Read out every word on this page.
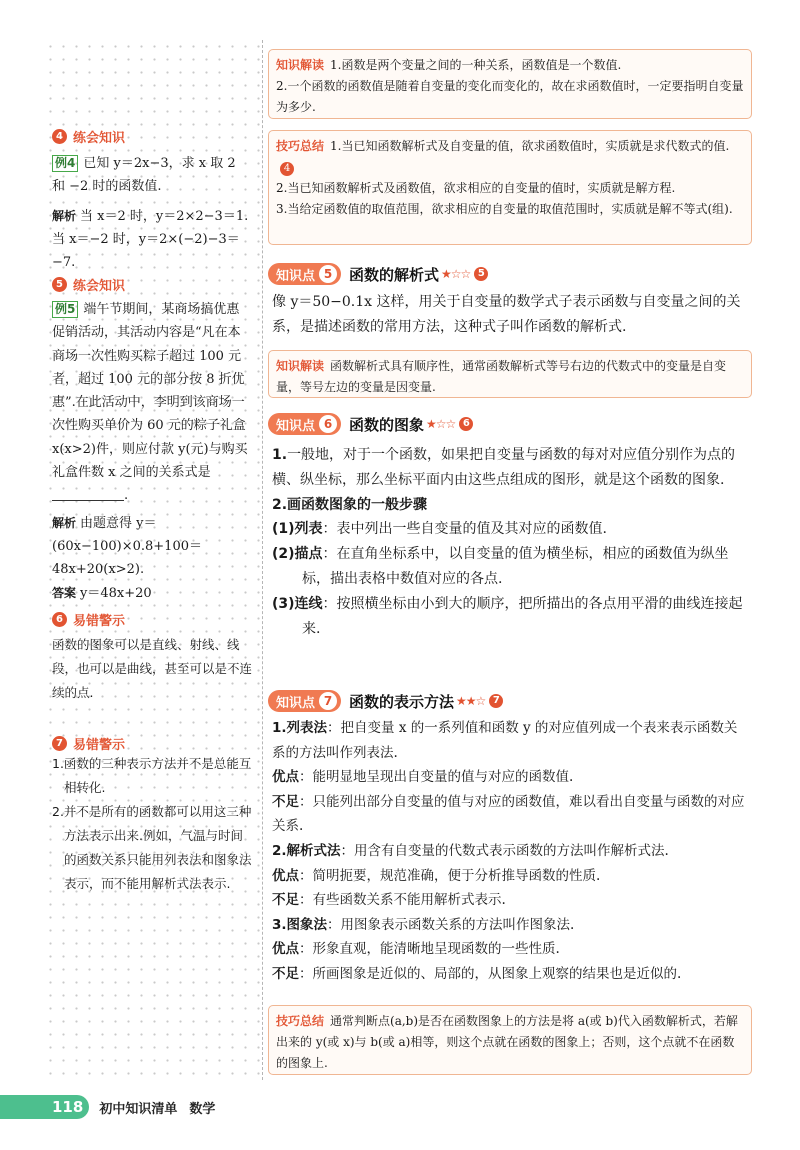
4 练会知识

例4 已知 y＝2x−3，求 x 取 2 和 −2 时的函数值.

解析 当 x＝2 时，y＝2×2−3＝1.

当 x＝−2 时，y＝2×(−2)−3＝−7.

5 练会知识

例5 端午节期间，某商场搞优惠促销活动，其活动内容是“凡在本商场一次性购买粽子超过 100 元者，超过 100 元的部分按 8 折优惠”.在此活动中，李明到该商场一次性购买单价为 60 元的粽子礼盒 x(x>2)件，则应付款 y(元)与购买礼盒件数 x 之间的关系式是.

解析 由题意得 y＝(60x−100)×0.8+100＝48x+20(x>2).

答案 y＝48x+20

6 易错警示

函数的图象可以是直线、射线、线段，也可以是曲线，甚至可以是不连续的点.

7 易错警示

1.函数的三种表示方法并不是总能互相转化.

2.并不是所有的函数都可以用这三种方法表示出来.例如，气温与时间的函数关系只能用列表法和图象法表示，而不能用解析式法表示.

知识解读 1.函数是两个变量之间的一种关系，函数值是一个数值.

2.一个函数的函数值是随着自变量的变化而变化的，故在求函数值时，一定要指明自变量为多少.

技巧总结 1.当已知函数解析式及自变量的值，欲求函数值时，实质就是求代数式的值.4

2.当已知函数解析式及函数值，欲求相应的自变量的值时，实质就是解方程.

3.当给定函数值的取值范围，欲求相应的自变量的取值范围时，实质就是解不等式(组).

知识点 5	函数的解析式 ★☆☆ 5

像 y＝50−0.1x 这样，用关于自变量的数学式子表示函数与自变量之间的关系，是描述函数的常用方法，这种式子叫作函数的解析式.

知识解读 函数解析式具有顺序性，通常函数解析式等号右边的代数式中的变量是自变量，等号左边的变量是因变量.

知识点 6	函数的图象 ★☆☆ 6

1.一般地，对于一个函数，如果把自变量与函数的每对对应值分别作为点的横、纵坐标，那么坐标平面内由这些点组成的图形，就是这个函数的图象.

2.画函数图象的一般步骤

(1)列表：表中列出一些自变量的值及其对应的函数值.

(2)描点：在直角坐标系中，以自变量的值为横坐标，相应的函数值为纵坐标，描出表格中数值对应的各点.

(3)连线：按照横坐标由小到大的顺序，把所描出的各点用平滑的曲线连接起来.

知识点 7	函数的表示方法 ★★☆ 7

1.列表法：把自变量 x 的一系列值和函数 y 的对应值列成一个表来表示函数关系的方法叫作列表法.

优点：能明显地呈现出自变量的值与对应的函数值.

不足：只能列出部分自变量的值与对应的函数值，难以看出自变量与函数的对应关系.

2.解析式法：用含有自变量的代数式表示函数的方法叫作解析式法.

优点：简明扼要，规范准确，便于分析推导函数的性质.

不足：有些函数关系不能用解析式表示.

3.图象法：用图象表示函数关系的方法叫作图象法.

优点：形象直观，能清晰地呈现函数的一些性质.

不足：所画图象是近似的、局部的，从图象上观察的结果也是近似的.

技巧总结 通常判断点(a,b)是否在函数图象上的方法是将 a(或 b)代入函数解析式，若解出来的 y(或 x)与 b(或 a)相等，则这个点就在函数的图象上；否则，这个点就不在函数的图象上.

118	初中知识清单 数学
